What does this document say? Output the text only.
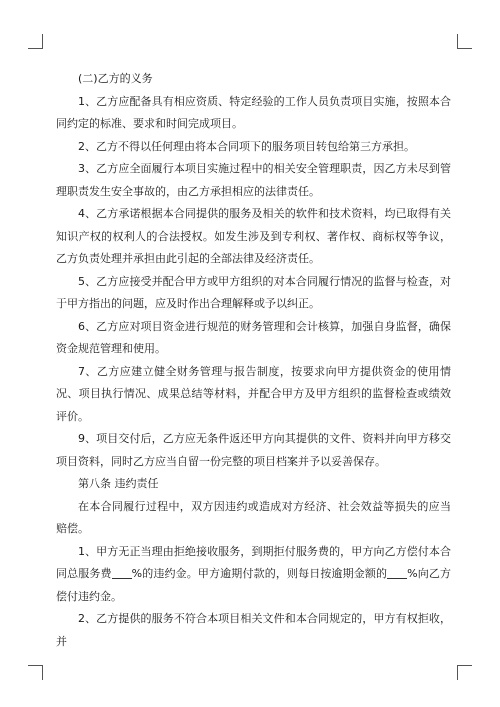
(二)乙方的义务

1、乙方应配备具有相应资质、特定经验的工作人员负责项目实施，按照本合同约定的标准、要求和时间完成项目。

2、乙方不得以任何理由将本合同项下的服务项目转包给第三方承担。

3、乙方应全面履行本项目实施过程中的相关安全管理职责，因乙方未尽到管理职责发生安全事故的，由乙方承担相应的法律责任。

4、乙方承诺根据本合同提供的服务及相关的软件和技术资料，均已取得有关知识产权的权利人的合法授权。如发生涉及到专利权、著作权、商标权等争议，乙方负责处理并承担由此引起的全部法律及经济责任。

5、乙方应接受并配合甲方或甲方组织的对本合同履行情况的监督与检查，对于甲方指出的问题，应及时作出合理解释或予以纠正。

6、乙方应对项目资金进行规范的财务管理和会计核算，加强自身监督，确保资金规范管理和使用。

7、乙方应建立健全财务管理与报告制度，按要求向甲方提供资金的使用情况、项目执行情况、成果总结等材料，并配合甲方及甲方组织的监督检查或绩效评价。

9、项目交付后，乙方应无条件返还甲方向其提供的文件、资料并向甲方移交项目资料，同时乙方应当自留一份完整的项目档案并予以妥善保存。

第八条 违约责任

在本合同履行过程中，双方因违约或造成对方经济、社会效益等损失的应当赔偿。

1、甲方无正当理由拒绝接收服务，到期拒付服务费的，甲方向乙方偿付本合同总服务费 %的违约金。甲方逾期付款的，则每日按逾期金额的 %向乙方偿付违约金。

2、乙方提供的服务不符合本项目相关文件和本合同规定的，甲方有权拒收，并
